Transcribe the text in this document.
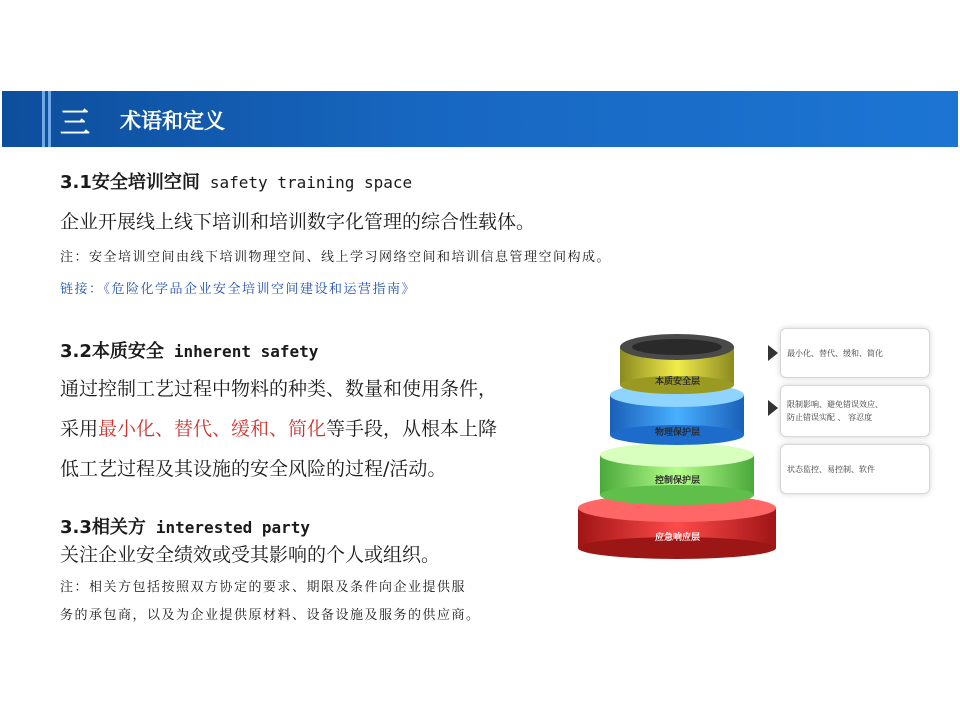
三 术语和定义
3.1安全培训空间 safety training space
企业开展线上线下培训和培训数字化管理的综合性载体。
注：安全培训空间由线下培训物理空间、线上学习网络空间和培训信息管理空间构成。
链接：《危险化学品企业安全培训空间建设和运营指南》
3.2本质安全 inherent safety
通过控制工艺过程中物料的种类、数量和使用条件，
采用最小化、替代、缓和、简化等手段，从根本上降
低工艺过程及其设施的安全风险的过程/活动。
3.3相关方 interested party
关注企业安全绩效或受其影响的个人或组织。
注：相关方包括按照双方协定的要求、期限及条件向企业提供服
务的承包商，以及为企业提供原材料、设备设施及服务的供应商。
本质安全层
物理保护层
控制保护层
应急响应层
最小化、替代、缓和、简化
限制影响、避免错误效应、
防止错误实配 、 容忍度
状态监控、易控制、软件
